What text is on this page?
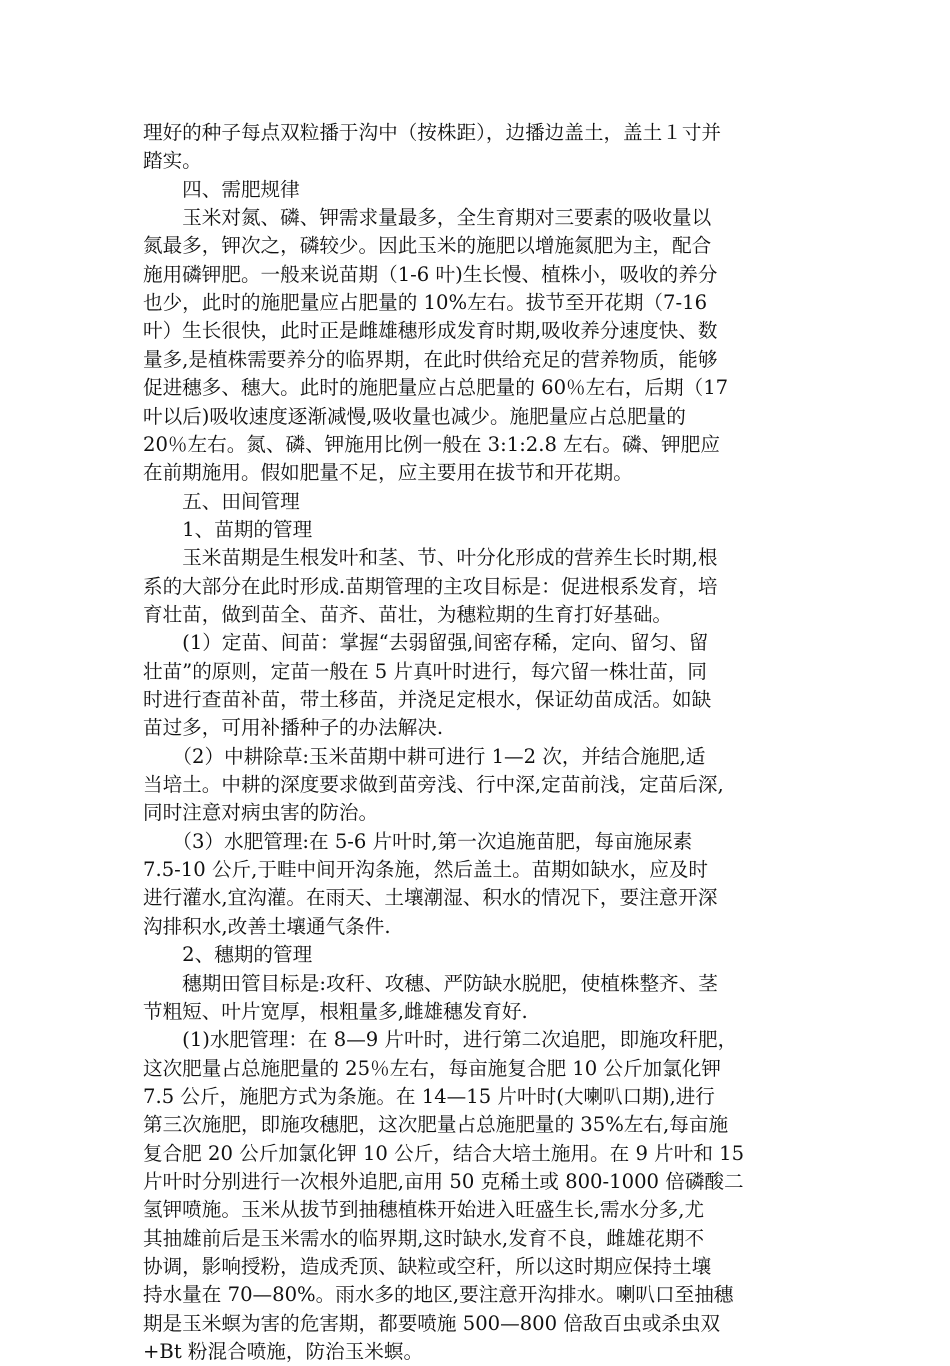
理好的种子每点双粒播于沟中（按株距），边播边盖土，盖土１寸并

踏实。

　　四、需肥规律

　　玉米对氮、磷、钾需求量最多，全生育期对三要素的吸收量以

氮最多，钾次之，磷较少。因此玉米的施肥以增施氮肥为主，配合

施用磷钾肥。一般来说苗期（1-6 叶)生长慢、植株小，吸收的养分

也少，此时的施肥量应占肥量的 10%左右。拔节至开花期（7-16

叶）生长很快，此时正是雌雄穗形成发育时期,吸收养分速度快、数

量多,是植株需要养分的临界期，在此时供给充足的营养物质，能够

促进穗多、穗大。此时的施肥量应占总肥量的 60％左右，后期（17

叶以后)吸收速度逐渐减慢,吸收量也减少。施肥量应占总肥量的

20％左右。氮、磷、钾施用比例一般在 3:1:2.8 左右。磷、钾肥应

在前期施用。假如肥量不足，应主要用在拔节和开花期。

　　五、田间管理

　　1、苗期的管理

　　玉米苗期是生根发叶和茎、节、叶分化形成的营养生长时期,根

系的大部分在此时形成.苗期管理的主攻目标是：促进根系发育，培

育壮苗，做到苗全、苗齐、苗壮，为穗粒期的生育打好基础。

　　(1）定苗、间苗：掌握“去弱留强,间密存稀，定向、留匀、留

壮苗”的原则，定苗一般在 5 片真叶时进行，每穴留一株壮苗，同

时进行查苗补苗，带土移苗，并浇足定根水，保证幼苗成活。如缺

苗过多，可用补播种子的办法解决.

　　（2）中耕除草:玉米苗期中耕可进行 1—2 次，并结合施肥,适

当培土。中耕的深度要求做到苗旁浅、行中深,定苗前浅，定苗后深,

同时注意对病虫害的防治。

　　（3）水肥管理:在 5-6 片叶时,第一次追施苗肥，每亩施尿素

7.5-10 公斤,于畦中间开沟条施，然后盖土。苗期如缺水，应及时

进行灌水,宜沟灌。在雨天、土壤潮湿、积水的情况下，要注意开深

沟排积水,改善土壤通气条件.

　　2、穗期的管理

　　穗期田管目标是:攻秆、攻穗、严防缺水脱肥，使植株整齐、茎

节粗短、叶片宽厚，根粗量多,雌雄穗发育好.

　　(1)水肥管理：在 8—9 片叶时，进行第二次追肥，即施攻秆肥，

这次肥量占总施肥量的 25％左右，每亩施复合肥 10 公斤加氯化钾

7.5 公斤，施肥方式为条施。在 14—15 片叶时(大喇叭口期),进行

第三次施肥，即施攻穗肥，这次肥量占总施肥量的 35%左右,每亩施

复合肥 20 公斤加氯化钾 10 公斤，结合大培土施用。在 9 片叶和 15

片叶时分别进行一次根外追肥,亩用 50 克稀土或 800-1000 倍磷酸二

氢钾喷施。玉米从拔节到抽穗植株开始进入旺盛生长,需水分多,尤

其抽雄前后是玉米需水的临界期,这时缺水,发育不良，雌雄花期不

协调，影响授粉，造成秃顶、缺粒或空秆，所以这时期应保持土壤

持水量在 70—80%。雨水多的地区,要注意开沟排水。喇叭口至抽穗

期是玉米螟为害的危害期，都要喷施 500—800 倍敌百虫或杀虫双

+Bt 粉混合喷施，防治玉米螟。
